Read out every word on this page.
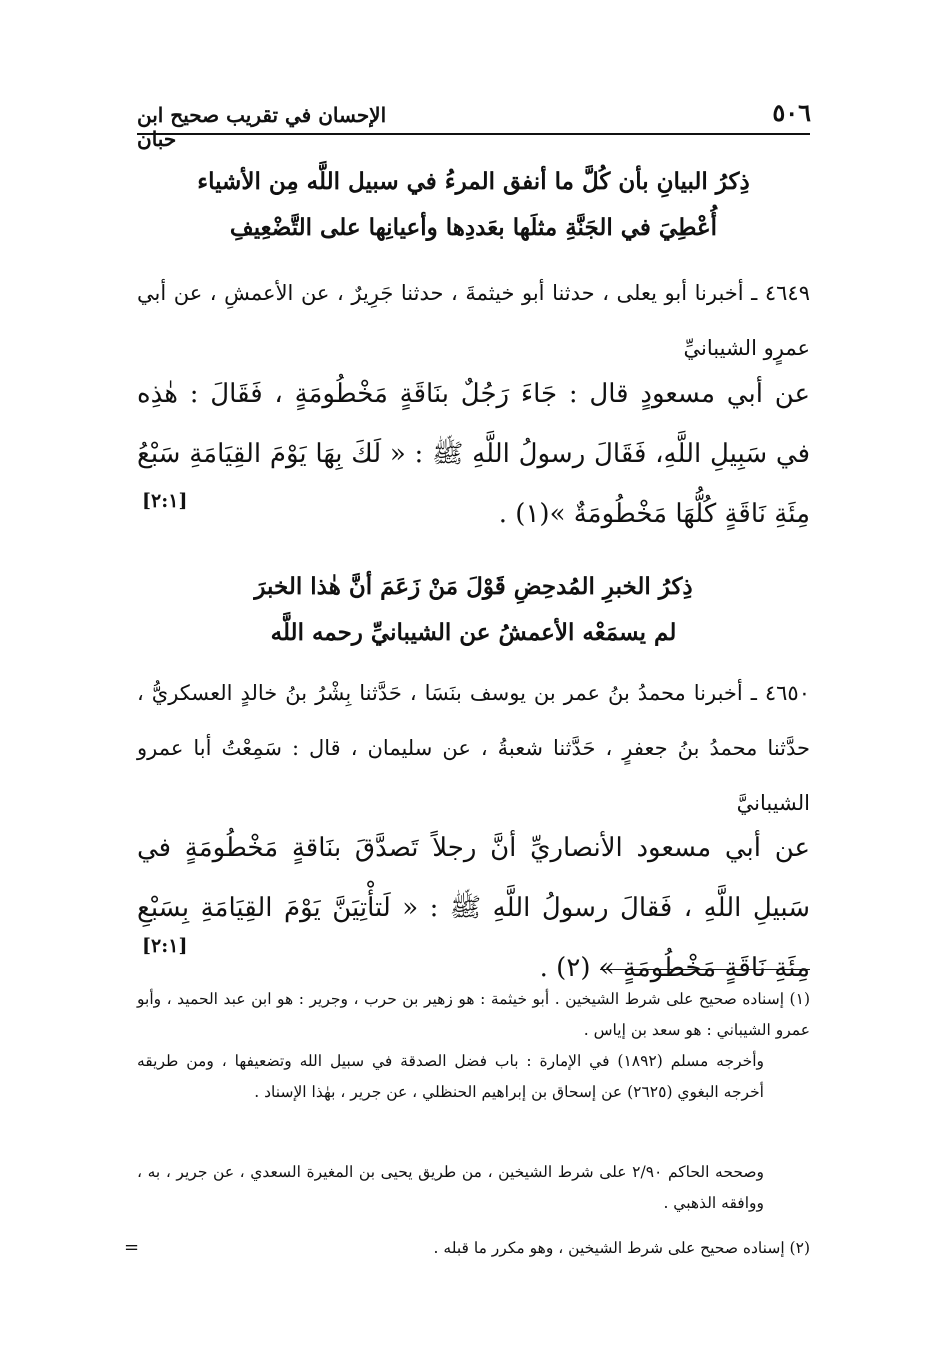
٥٠٦
الإحسان في تقريب صحيح ابن حبان
ذِكرُ البيانِ بأن كُلَّ ما أنفق المرءُ في سبيل اللَّه مِن الأشياء
أُعْطِيَ في الجَنَّةِ مثلَها بعَددِها وأعيانِها على التَّضْعِيفِ
٤٦٤٩ ـ أخبرنا أبو يعلى ، حدثنا أبو خيثمةَ ، حدثنا جَرِيرٌ ، عن الأعمشِ ، عن أبي عمرٍو الشيبانيِّ
عن أبي مسعودٍ قال : جَاءَ رَجُلٌ بنَاقَةٍ مَخْطُومَةٍ ، فَقَالَ : هٰذِه في سَبِيلِ اللَّهِ، فَقَالَ رسولُ اللَّهِ ﷺ : « لَكَ بِهَا يَوْمَ القِيَامَةِ سَبْعُ مِئَةِ نَاقَةٍ كُلُّهَا مَخْطُومَةٌ »(١) .
[٢:١]
ذِكرُ الخبرِ المُدحِضِ قَوْلَ مَنْ زَعَمَ أنَّ هٰذا الخبرَ
لم يسمَعْه الأعمشُ عن الشيبانيِّ رحمه اللَّه
٤٦٥٠ ـ أخبرنا محمدُ بنُ عمر بن يوسف بنَسَا ، حَدَّثنا بِشْرُ بنُ خالدٍ العسكريُّ ، حدَّثنا محمدُ بنُ جعفرٍ ، حَدَّثنا شعبةُ ، عن سليمان ، قال : سَمِعْتُ أبا عمرو الشيبانيَّ
عن أبي مسعود الأنصاريِّ أنَّ رجلاً تَصدَّقَ بنَاقةٍ مَخْطُومَةٍ في سَبيلِ اللَّهِ ، فَقالَ رسولُ اللَّهِ ﷺ : « لَتأْتِيَنَّ يَوْمَ القِيَامَةِ بِسَبْعِ مِئَةِ نَاقَةٍ مَخْطُومَةٍ » (٢) .
[٢:١]
(١) إسناده صحيح على شرط الشيخين . أبو خيثمة : هو زهير بن حرب ، وجرير : هو ابن عبد الحميد ، وأبو عمرو الشيباني : هو سعد بن إياس .
وأخرجه مسلم (١٨٩٢) في الإمارة : باب فضل الصدقة في سبيل الله وتضعيفها ، ومن طريقه أخرجه البغوي (٢٦٢٥) عن إسحاق بن إبراهيم الحنظلي ، عن جرير ، بهٰذا الإسناد .
وصححه الحاكم ٢/٩٠ على شرط الشيخين ، من طريق يحيى بن المغيرة السعدي ، عن جرير ، به ، ووافقه الذهبي .
(٢) إسناده صحيح على شرط الشيخين ، وهو مكرر ما قبله .
=
